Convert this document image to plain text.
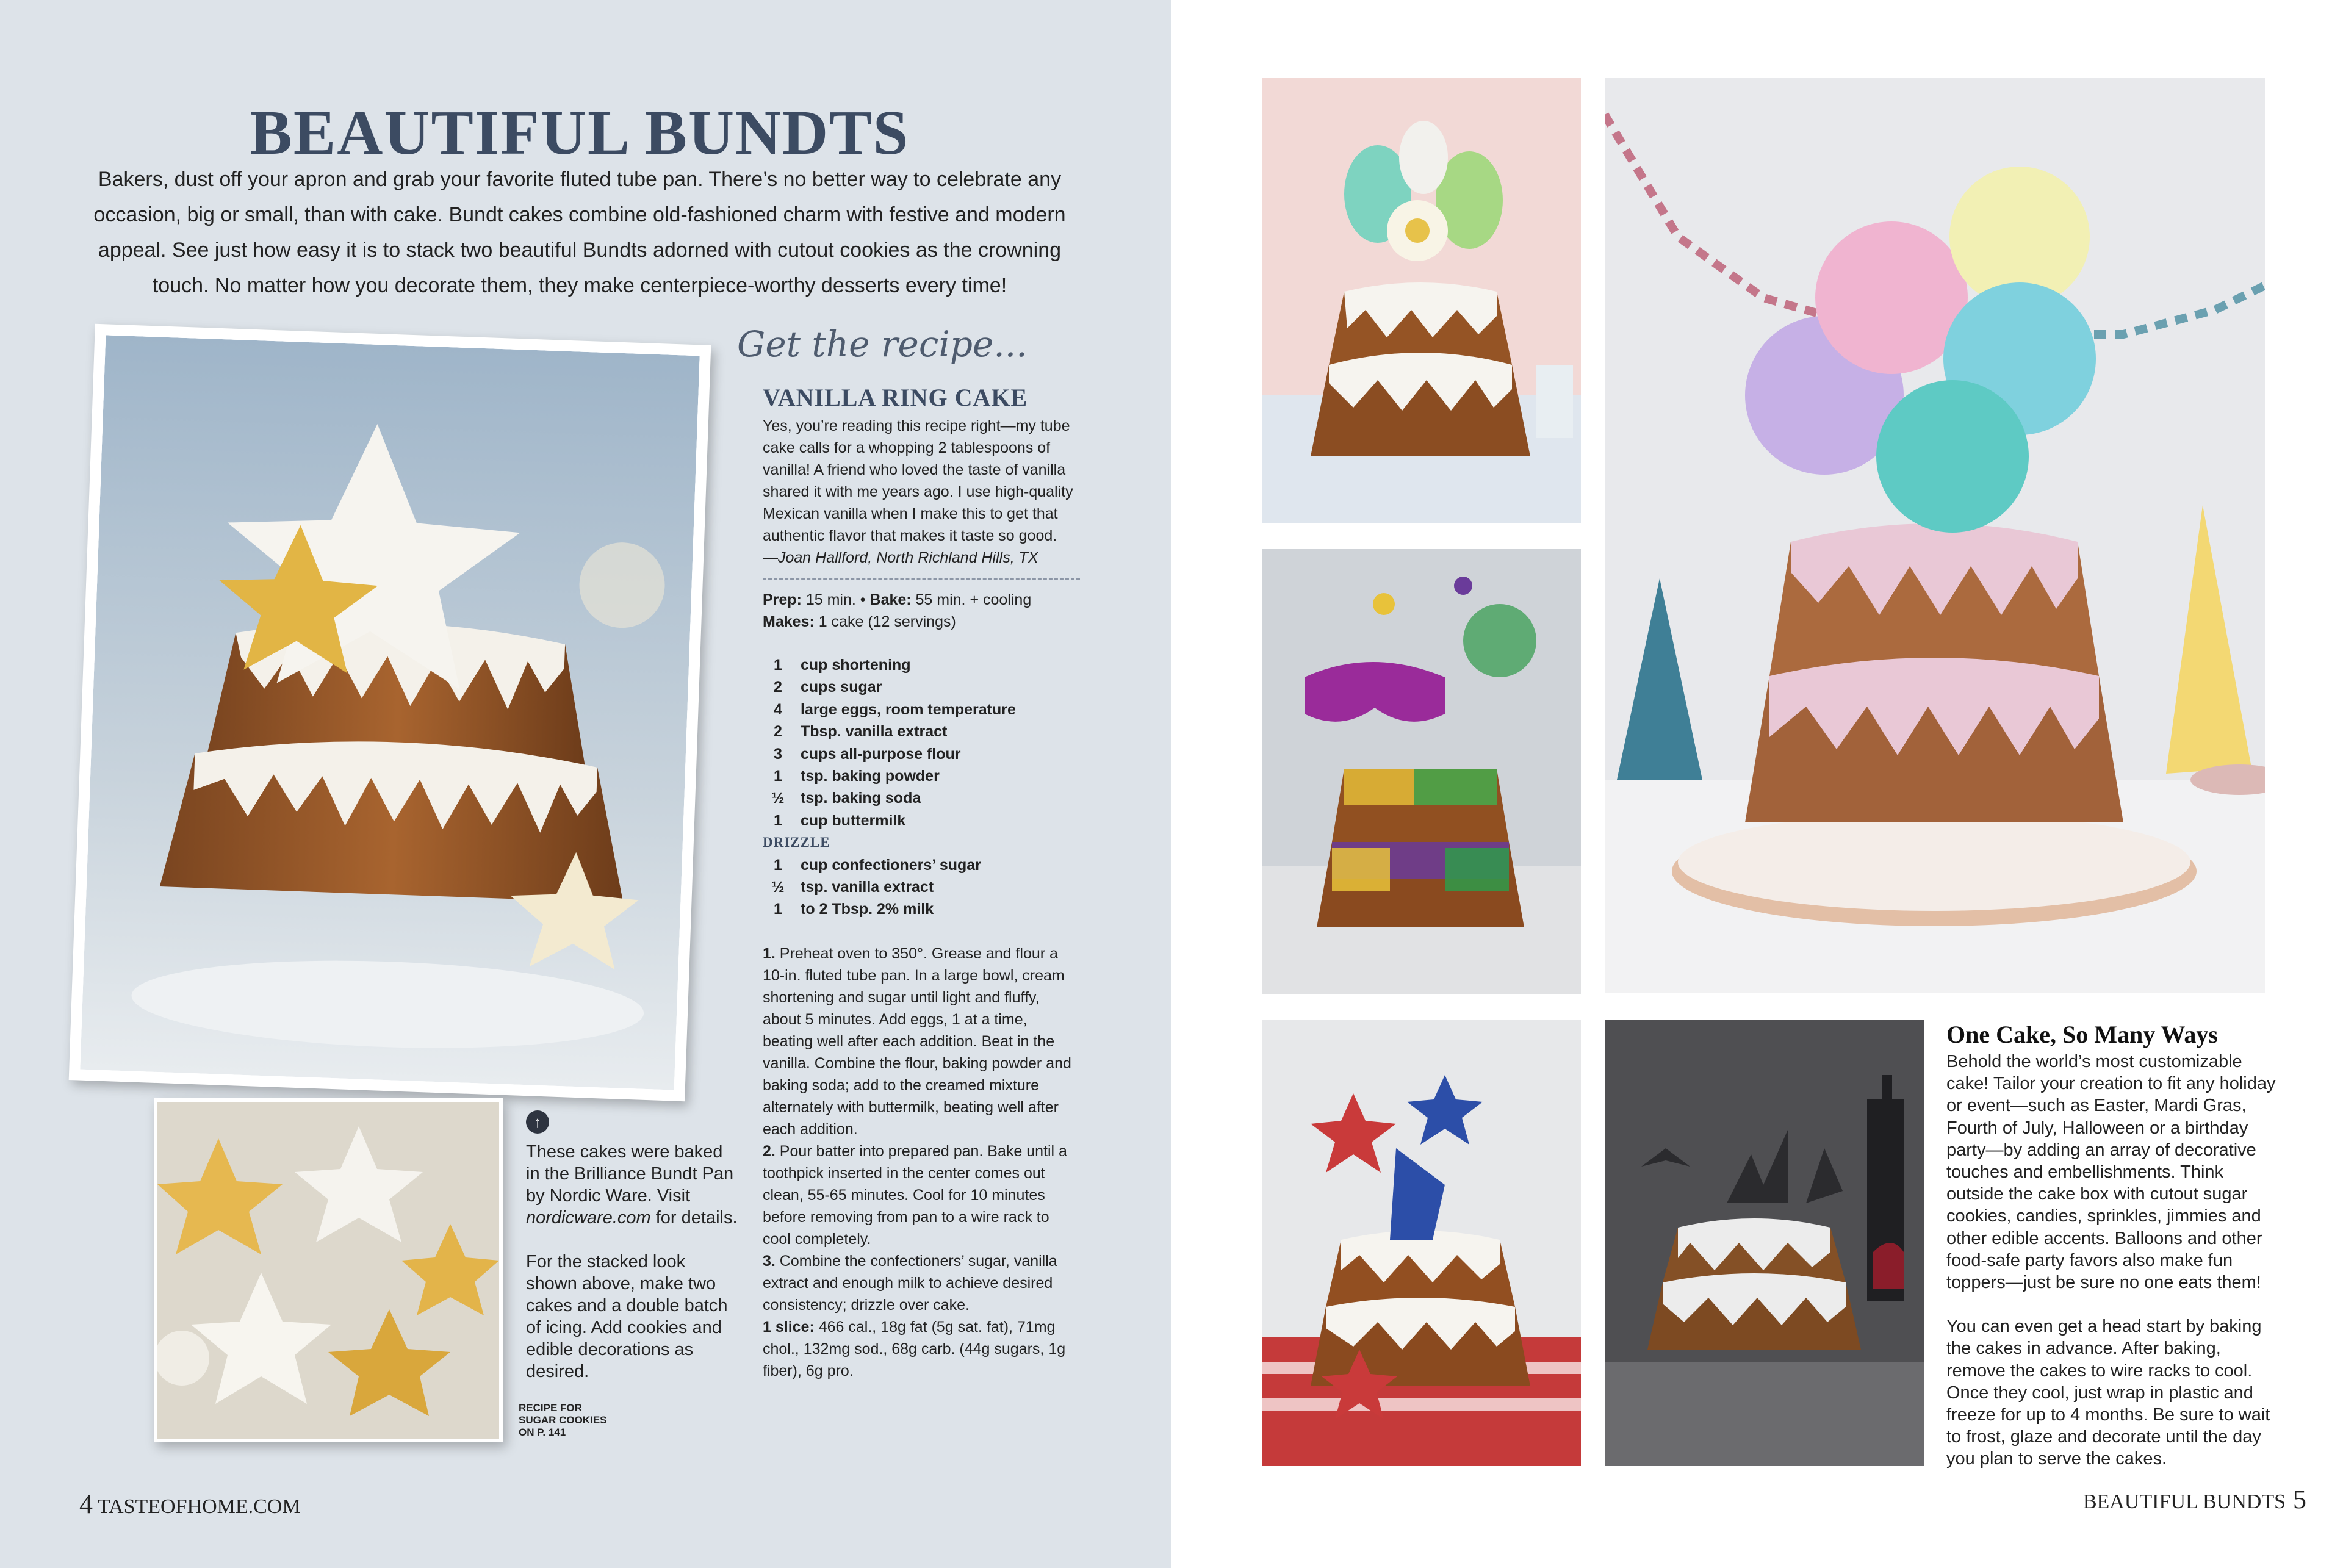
BEAUTIFUL BUNDTS
Bakers, dust off your apron and grab your favorite fluted tube pan. There’s no better way to celebrate any occasion, big or small, than with cake. Bundt cakes combine old-fashioned charm with festive and modern appeal. See just how easy it is to stack two beautiful Bundts adorned with cutout cookies as the crowning touch. No matter how you decorate them, they make centerpiece-worthy desserts every time!
Get the recipe...
VANILLA RING CAKE
Yes, you’re reading this recipe right—my tube cake calls for a whopping 2 tablespoons of vanilla! A friend who loved the taste of vanilla shared it with me years ago. I use high-quality Mexican vanilla when I make this to get that authentic flavor that makes it taste so good.
—Joan Hallford, North Richland Hills, TX
Prep: 15 min. • Bake: 55 min. + cooling
Makes: 1 cake (12 servings)
1	cup shortening
2	cups sugar
4	large eggs, room temperature
2	Tbsp. vanilla extract
3	cups all-purpose flour
1	tsp. baking powder
½	tsp. baking soda
1	cup buttermilk
DRIZZLE
1	cup confectioners’ sugar
½	tsp. vanilla extract
1	to 2 Tbsp. 2% milk
1. Preheat oven to 350°. Grease and flour a 10-in. fluted tube pan. In a large bowl, cream shortening and sugar until light and fluffy, about 5 minutes. Add eggs, 1 at a time, beating well after each addition. Beat in the vanilla. Combine the flour, baking powder and baking soda; add to the creamed mixture alternately with buttermilk, beating well after each addition.
2. Pour batter into prepared pan. Bake until a toothpick inserted in the center comes out clean, 55-65 minutes. Cool for 10 minutes before removing from pan to a wire rack to cool completely.
3. Combine the confectioners’ sugar, vanilla extract and enough milk to achieve desired consistency; drizzle over cake.
1 slice: 466 cal., 18g fat (5g sat. fat), 71mg chol., 132mg sod., 68g carb. (44g sugars, 1g fiber), 6g pro.
↑
These cakes were baked in the Brilliance Bundt Pan by Nordic Ware. Visit nordicware.com for details.

For the stacked look shown above, make two cakes and a double batch of icing. Add cookies and edible decorations as desired.
RECIPE FOR SUGAR COOKIES ON P. 141
4 TASTEOFHOME.COM
One Cake, So Many Ways

Behold the world’s most customizable cake! Tailor your creation to fit any holiday or event—such as Easter, Mardi Gras, Fourth of July, Halloween or a birthday party—by adding an array of decorative touches and embellishments. Think outside the cake box with cutout sugar cookies, candies, sprinkles, jimmies and other edible accents. Balloons and other food-safe party favors also make fun toppers—just be sure no one eats them!

You can even get a head start by baking the cakes in advance. After baking, remove the cakes to wire racks to cool. Once they cool, just wrap in plastic and freeze for up to 4 months. Be sure to wait to frost, glaze and decorate until the day you plan to serve the cakes.

BEAUTIFUL BUNDTS 5
